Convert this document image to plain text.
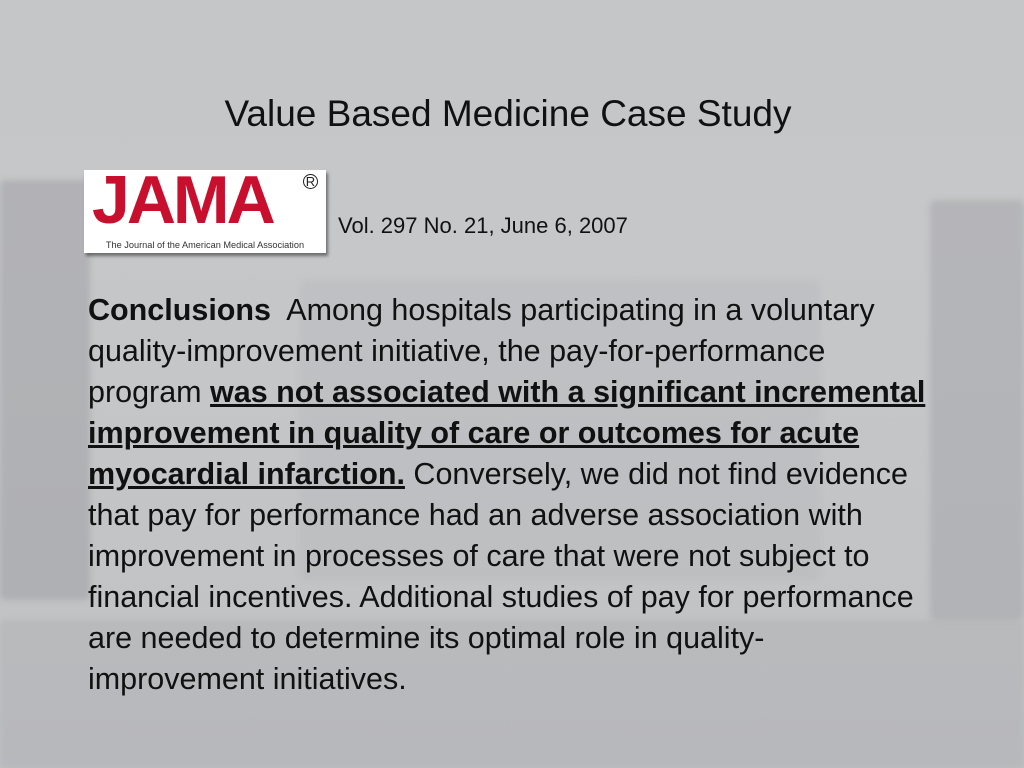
Value Based Medicine Case Study
JAMA	R
The Journal of the American Medical Association
Vol. 297 No. 21, June 6, 2007

Conclusions  Among hospitals participating in a voluntary quality-improvement initiative, the pay-for-performance program was not associated with a significant incremental improvement in quality of care or outcomes for acute myocardial infarction. Conversely, we did not find evidence that pay for performance had an adverse association with improvement in processes of care that were not subject to financial incentives. Additional studies of pay for performance are needed to determine its optimal role in quality-improvement initiatives.
